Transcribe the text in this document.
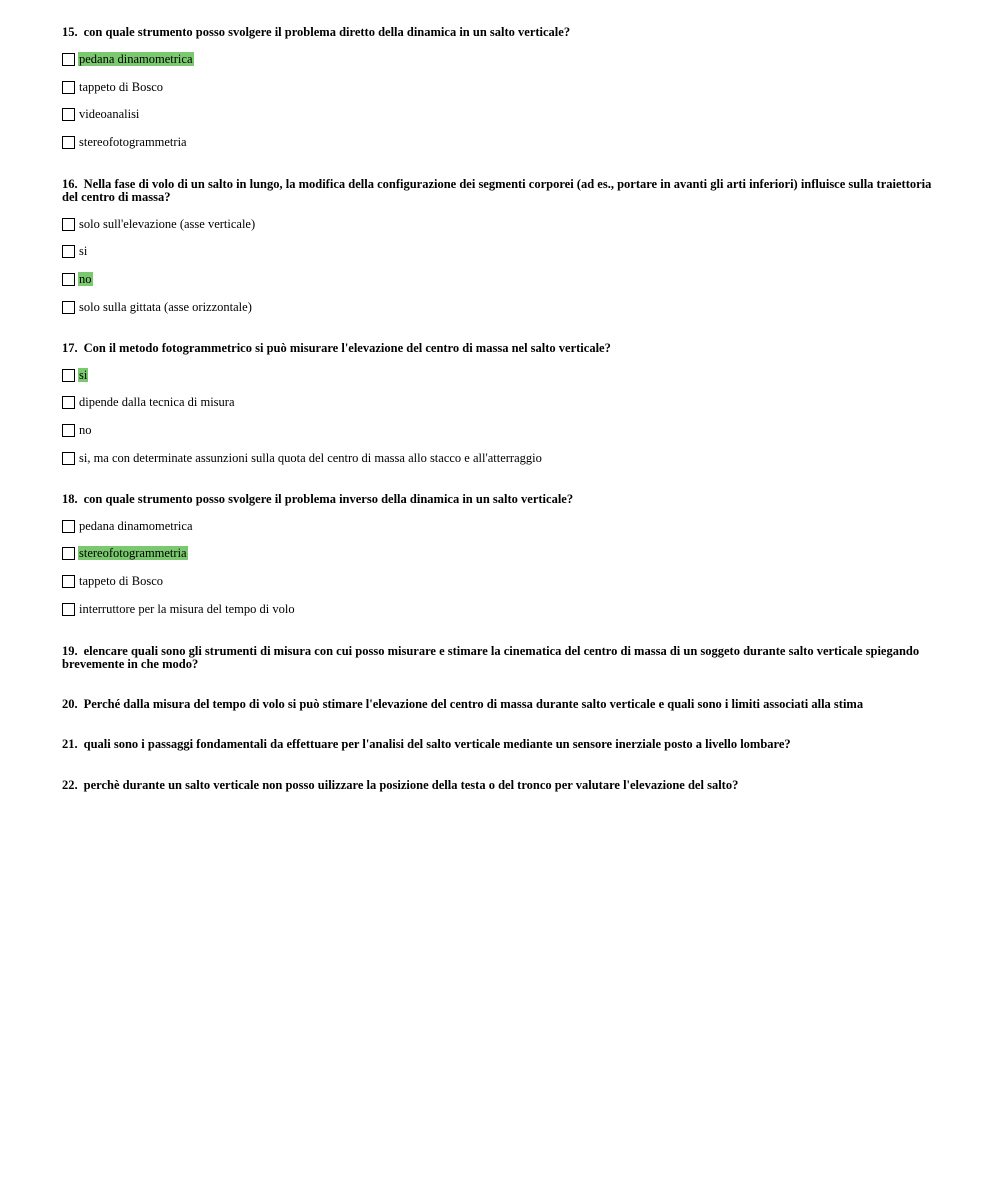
15. con quale strumento posso svolgere il problema diretto della dinamica in un salto verticale?

pedana dinamometrica
tappeto di Bosco
videoanalisi
stereofotogrammetria

16. Nella fase di volo di un salto in lungo, la modifica della configurazione dei segmenti corporei (ad es., portare in avanti gli arti inferiori) influisce sulla traiettoria del centro di massa?

solo sull'elevazione (asse verticale)
si
no
solo sulla gittata (asse orizzontale)

17. Con il metodo fotogrammetrico si può misurare l'elevazione del centro di massa nel salto verticale?

si
dipende dalla tecnica di misura
no
si, ma con determinate assunzioni sulla quota del centro di massa allo stacco e all'atterraggio

18. con quale strumento posso svolgere il problema inverso della dinamica in un salto verticale?

pedana dinamometrica
stereofotogrammetria
tappeto di Bosco
interruttore per la misura del tempo di volo

19. elencare quali sono gli strumenti di misura con cui posso misurare e stimare la cinematica del centro di massa di un soggeto durante salto verticale spiegando brevemente in che modo?

20. Perché dalla misura del tempo di volo si può stimare l'elevazione del centro di massa durante salto verticale e quali sono i limiti associati alla stima

21. quali sono i passaggi fondamentali da effettuare per l'analisi del salto verticale mediante un sensore inerziale posto a livello lombare?

22. perchè durante un salto verticale non posso uilizzare la posizione della testa o del tronco per valutare l'elevazione del salto?
